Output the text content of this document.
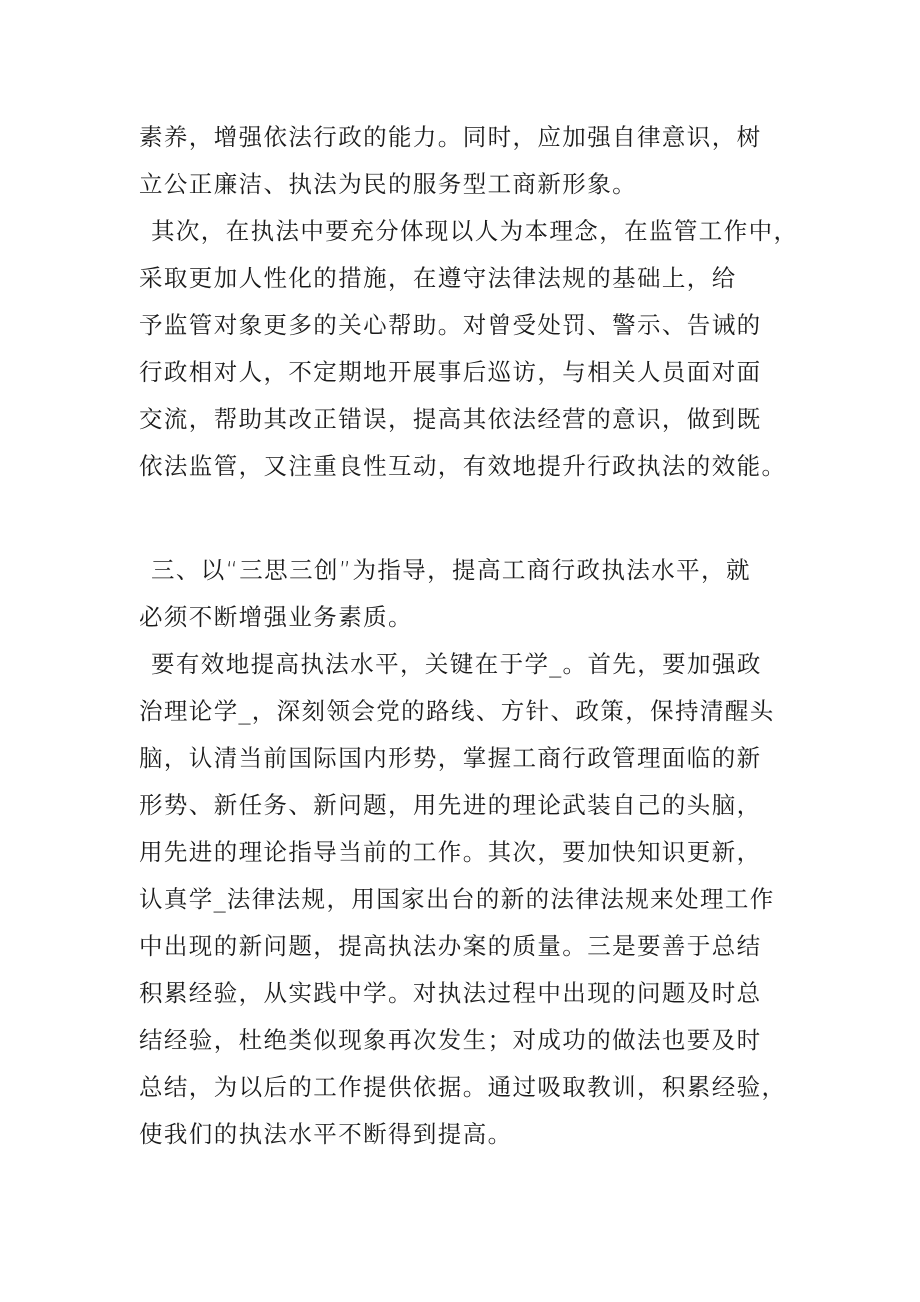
素养，增强依法行政的能力。同时，应加强自律意识，树
立公正廉洁、执法为民的服务型工商新形象。
其次，在执法中要充分体现以人为本理念，在监管工作中，
采取更加人性化的措施，在遵守法律法规的基础上，给
予监管对象更多的关心帮助。对曾受处罚、警示、告诫的
行政相对人，不定期地开展事后巡访，与相关人员面对面
交流，帮助其改正错误，提高其依法经营的意识，做到既
依法监管，又注重良性互动，有效地提升行政执法的效能。
三、以“三思三创”为指导，提高工商行政执法水平，就
必须不断增强业务素质。
要有效地提高执法水平，关键在于学_。首先，要加强政
治理论学_，深刻领会党的路线、方针、政策，保持清醒头
脑，认清当前国际国内形势，掌握工商行政管理面临的新
形势、新任务、新问题，用先进的理论武装自己的头脑，
用先进的理论指导当前的工作。其次，要加快知识更新，
认真学_法律法规，用国家出台的新的法律法规来处理工作
中出现的新问题，提高执法办案的质量。三是要善于总结
积累经验，从实践中学。对执法过程中出现的问题及时总
结经验，杜绝类似现象再次发生；对成功的做法也要及时
总结，为以后的工作提供依据。通过吸取教训，积累经验，
使我们的执法水平不断得到提高。
